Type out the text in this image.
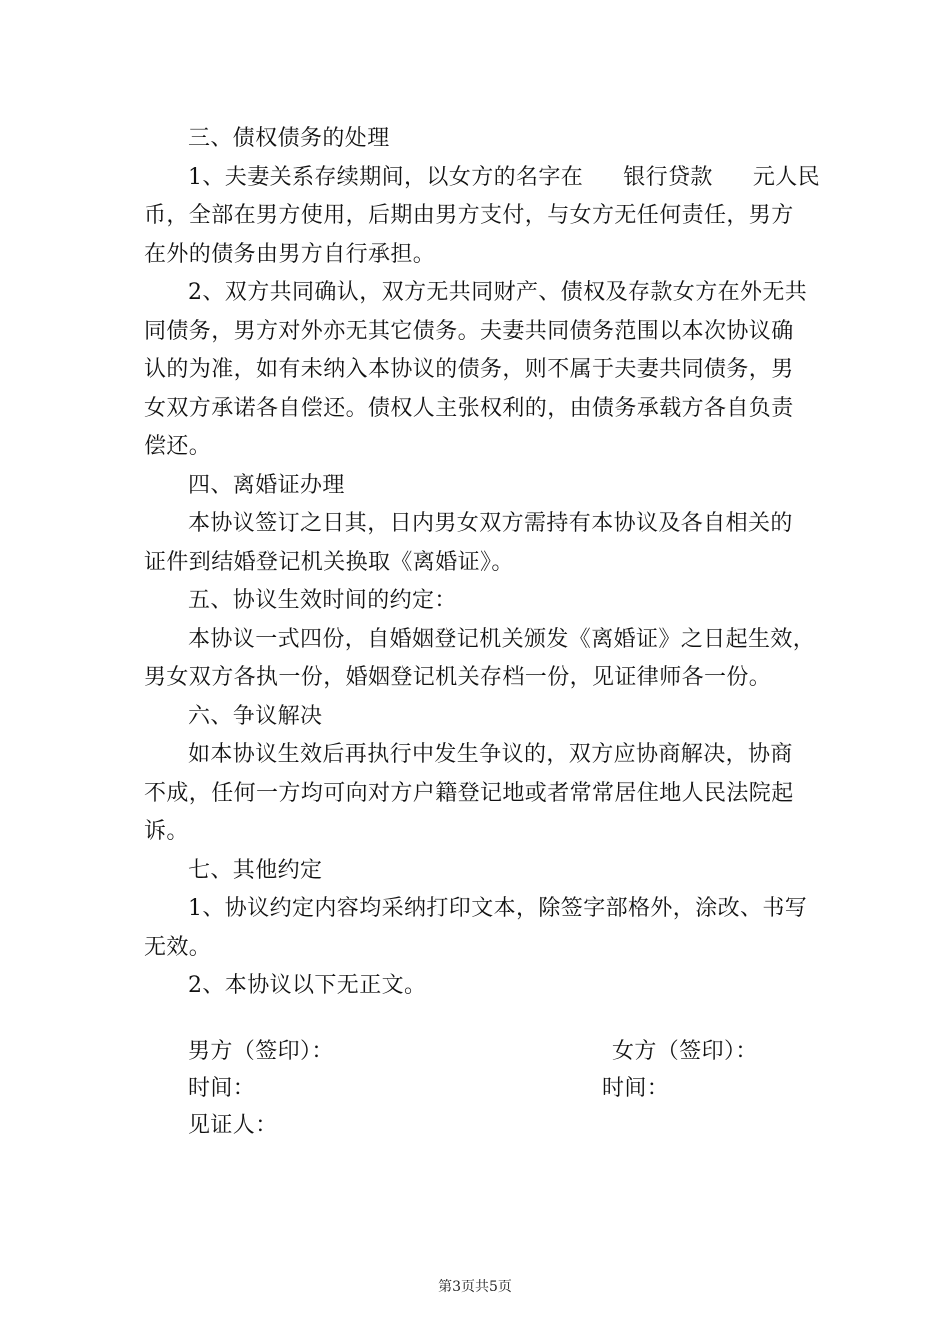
三、债权债务的处理
1、夫妻关系存续期间，以女方的名字在 银行贷款 元人民
币，全部在男方使用，后期由男方支付，与女方无任何责任，男方
在外的债务由男方自行承担。
2、双方共同确认，双方无共同财产、债权及存款女方在外无共
同债务，男方对外亦无其它债务。夫妻共同债务范围以本次协议确
认的为准，如有未纳入本协议的债务，则不属于夫妻共同债务，男
女双方承诺各自偿还。债权人主张权利的，由债务承载方各自负责
偿还。
四、离婚证办理
本协议签订之日其，日内男女双方需持有本协议及各自相关的
证件到结婚登记机关换取《离婚证》。
五、协议生效时间的约定：
本协议一式四份，自婚姻登记机关颁发《离婚证》之日起生效，
男女双方各执一份，婚姻登记机关存档一份，见证律师各一份。
六、争议解决
如本协议生效后再执行中发生争议的，双方应协商解决，协商
不成，任何一方均可向对方户籍登记地或者常常居住地人民法院起
诉。
七、其他约定
1、协议约定内容均采纳打印文本，除签字部格外，涂改、书写
无效。
2、本协议以下无正文。
男方（签印）：	女方（签印）：
时间：	时间：
见证人：
第3页共5页
